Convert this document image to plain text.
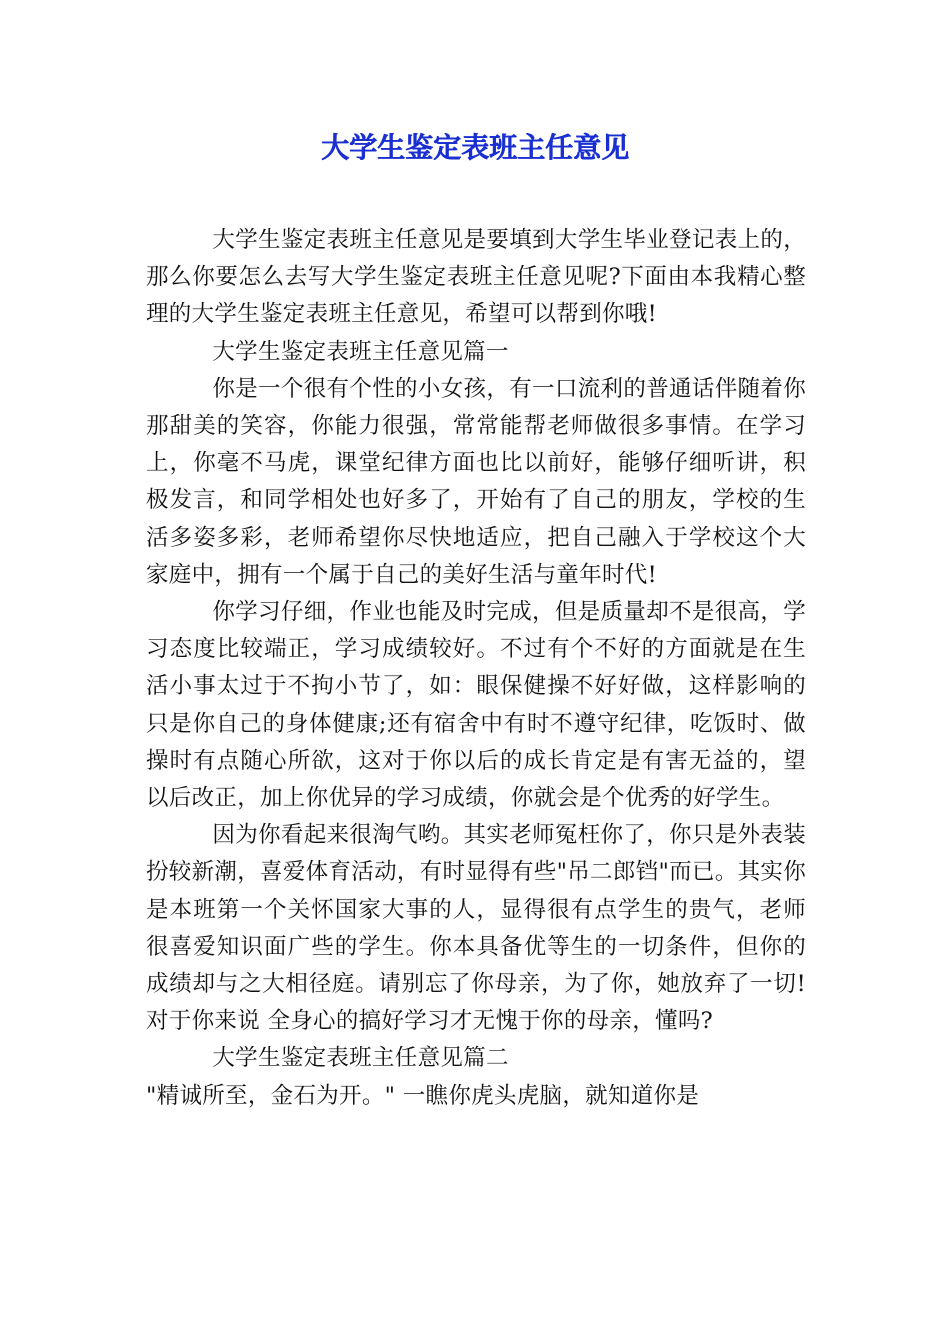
大学生鉴定表班主任意见

大学生鉴定表班主任意见是要填到大学生毕业登记表上的，那么你要怎么去写大学生鉴定表班主任意见呢?下面由本我精心整理的大学生鉴定表班主任意见，希望可以帮到你哦!

大学生鉴定表班主任意见篇一

你是一个很有个性的小女孩，有一口流利的普通话伴随着你那甜美的笑容，你能力很强，常常能帮老师做很多事情。在学习上，你毫不马虎，课堂纪律方面也比以前好，能够仔细听讲，积极发言，和同学相处也好多了，开始有了自己的朋友，学校的生活多姿多彩，老师希望你尽快地适应，把自己融入于学校这个大家庭中，拥有一个属于自己的美好生活与童年时代!

你学习仔细，作业也能及时完成，但是质量却不是很高，学习态度比较端正，学习成绩较好。不过有个不好的方面就是在生活小事太过于不拘小节了，如：眼保健操不好好做，这样影响的只是你自己的身体健康;还有宿舍中有时不遵守纪律，吃饭时、做操时有点随心所欲，这对于你以后的成长肯定是有害无益的，望以后改正，加上你优异的学习成绩，你就会是个优秀的好学生。

因为你看起来很淘气哟。其实老师冤枉你了，你只是外表装扮较新潮，喜爱体育活动，有时显得有些"吊二郎铛"而已。其实你是本班第一个关怀国家大事的人，显得很有点学生的贵气，老师很喜爱知识面广些的学生。你本具备优等生的一切条件，但你的成绩却与之大相径庭。请别忘了你母亲，为了你，她放弃了一切!对于你来说 全身心的搞好学习才无愧于你的母亲，懂吗?

大学生鉴定表班主任意见篇二

"精诚所至，金石为开。" 一瞧你虎头虎脑，就知道你是
